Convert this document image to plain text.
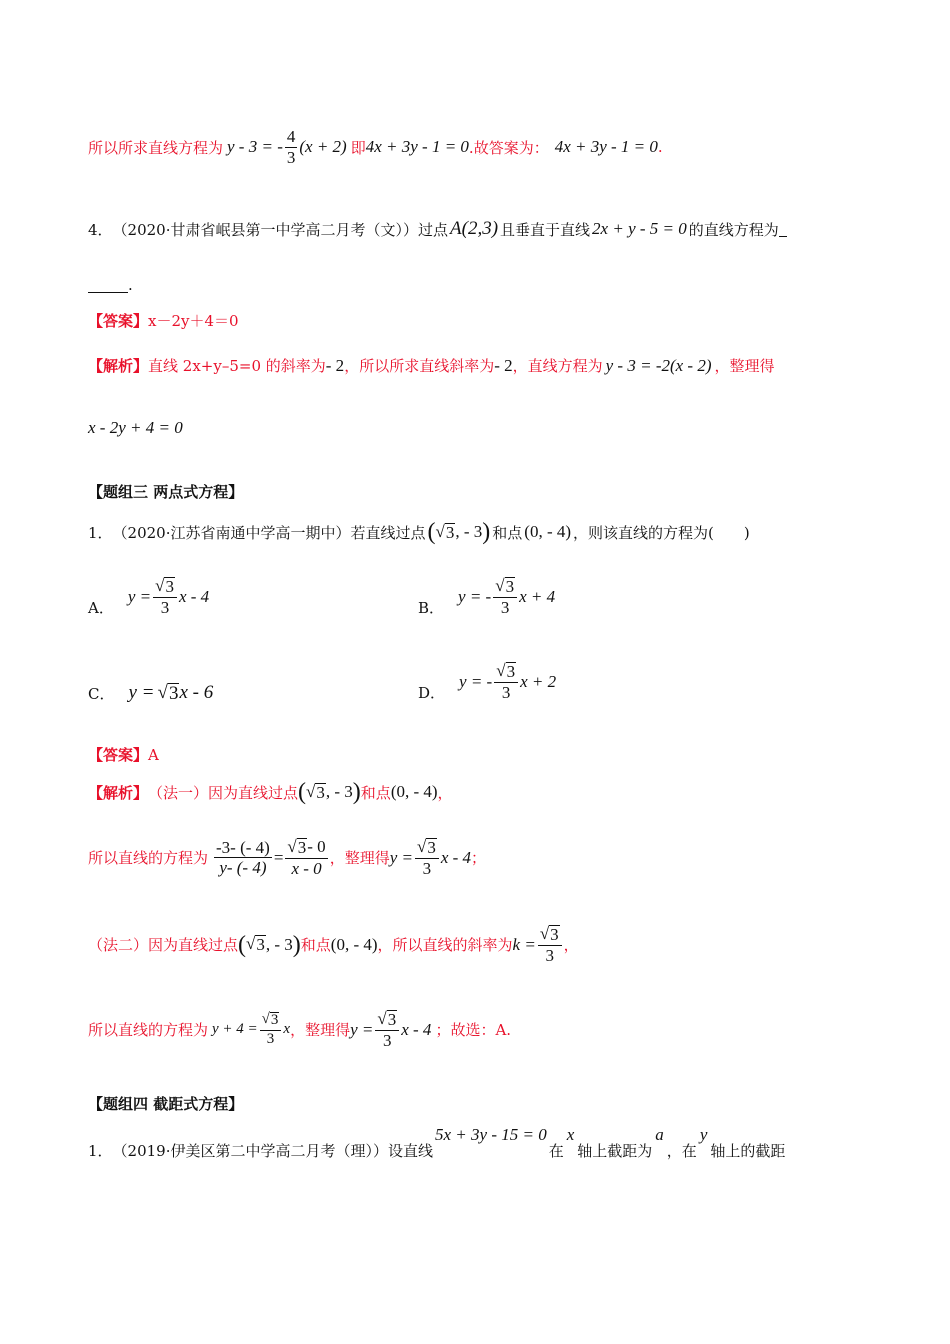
所以所求直线方程为 y - 3 = - $\frac{4}{3} (x + 2)$ 即 4x + 3y - 1 = 0 .故答案为： 4x + 3y - 1 = 0 .
4． （2020·甘肃省岷县第一中学高二月考（文）） 过点 A(2,3) 且垂直于直线 2x + y - 5 = 0 的直线方程为
.
【答案】 x－2y＋4＝0
【解析】 直线 2x+y–5=0 的斜率为 - 2 ，所以所求直线斜率为 - 2 ，直线方程为 y - 3 = -2(x - 2) ，整理得
x - 2y + 4 = 0
【题组三 两点式方程】
1． （2020·江苏省南通中学高一期中） 若直线过点 ( √ 3 , - 3 ) 和点 (0, - 4) ，则该直线的方程为(　　)
A．
$y = \frac{√ 3}{3}$ x - 4
B．
y = - $\frac{√ 3}{3}$ x + 4
C． y = √ 3 x - 6	D．
y = - $\frac{√ 3}{3}$ x + 2
【答案】 A
【解析】 （法一）因为直线过点 ( √ 3 , - 3 ) 和点 (0, - 4) ，
所以直线的方程为 $\frac{-3- (- 4)}{y- (- 4)} = \frac{√ 3 - 0}{x - 0}$ ，整理得 $y = \frac{√ 3}{3}$ x - 4 ；
（法二）因为直线过点 ( √ 3 , - 3 ) 和点 (0, - 4) ，所以直线的斜率为 $k = \frac{√ 3}{3}$ ，
所以直线的方程为 $y + 4 = \frac{√ 3}{3}$ x ，整理得 $y = \frac{√ 3}{3}$ x - 4 ；故选：A.
【题组四 截距式方程】
1． （2019·伊美区第二中学高二月考（理）） 设直线
5x + 3y - 15 = 0
在
x
轴上截距为
a
，在
y
轴上的截距
